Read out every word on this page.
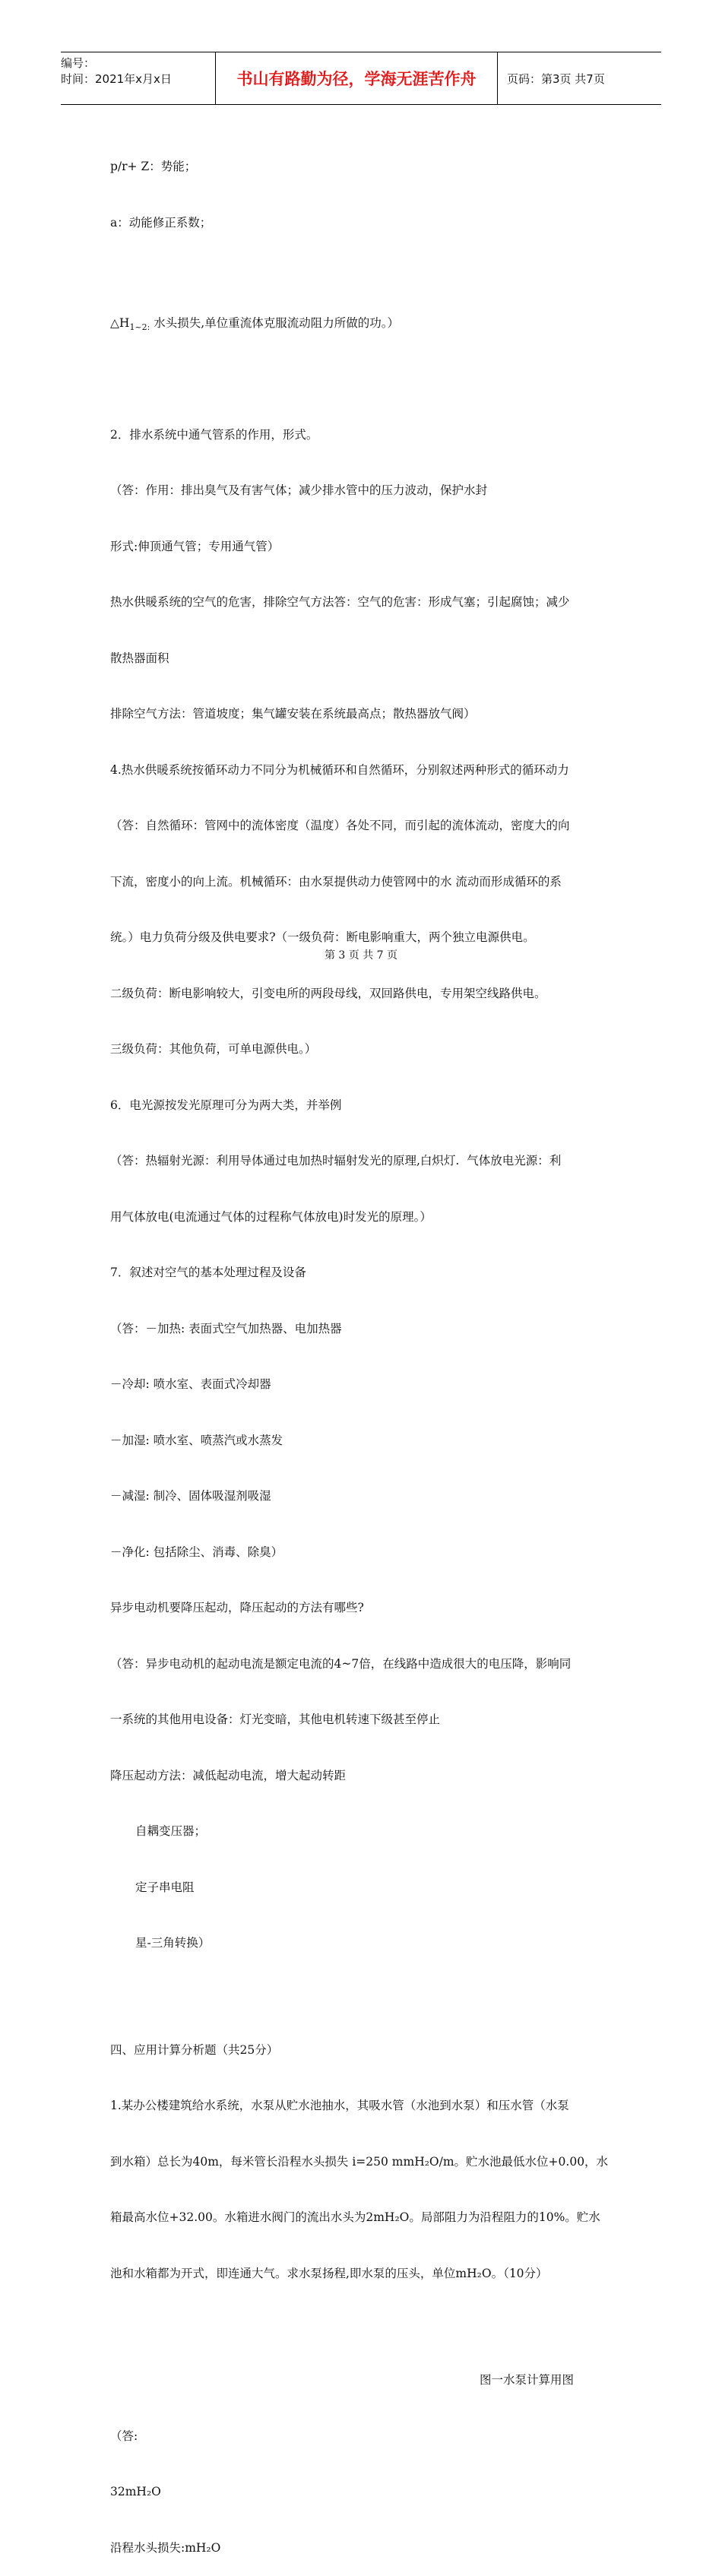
编号：
时间：2021年x月x日	书山有路勤为径，学海无涯苦作舟	页码：第3页 共7页

p/r+ Z：势能；

a：动能修正系数；

$\triangle H_{1\sim 2:}$ 水头损失,单位重流体克服流动阻力所做的功。）

2．排水系统中通气管系的作用，形式。

（答：作用：排出臭气及有害气体；减少排水管中的压力波动，保护水封

形式:伸顶通气管；专用通气管）

热水供暖系统的空气的危害，排除空气方法答：空气的危害：形成气塞；引起腐蚀；减少

散热器面积

排除空气方法：管道坡度；集气罐安装在系统最高点；散热器放气阀）

4.热水供暖系统按循环动力不同分为机械循环和自然循环，分别叙述两种形式的循环动力

（答：自然循环：管网中的流体密度（温度）各处不同，而引起的流体流动，密度大的向

下流，密度小的向上流。机械循环：由水泵提供动力使管网中的水 流动而形成循环的系

统。）电力负荷分级及供电要求?（一级负荷：断电影响重大，两个独立电源供电。

二级负荷：断电影响较大，引变电所的两段母线，双回路供电，专用架空线路供电。

三级负荷：其他负荷，可单电源供电。）

6．电光源按发光原理可分为两大类，并举例

（答：热辐射光源：利用导体通过电加热时辐射发光的原理,白炽灯.  气体放电光源：利

用气体放电(电流通过气体的过程称气体放电)时发光的原理。）

7．叙述对空气的基本处理过程及设备

（答：－加热: 表面式空气加热器、电加热器

－冷却: 喷水室、表面式冷却器

－加湿: 喷水室、喷蒸汽或水蒸发

－减湿: 制冷、固体吸湿剂吸湿

－净化: 包括除尘、消毒、除臭）

异步电动机要降压起动，降压起动的方法有哪些?

（答：异步电动机的起动电流是额定电流的4~7倍，在线路中造成很大的电压降，影响同

一系统的其他用电设备：灯光变暗，其他电机转速下级甚至停止

降压起动方法：减低起动电流，增大起动转距

自耦变压器；

定子串电阻

星-三角转换）

四、应用计算分析题（共25分）

1.某办公楼建筑给水系统，水泵从贮水池抽水，其吸水管（水池到水泵）和压水管（水泵

到水箱）总长为40m，每米管长沿程水头损失 i=250 mmH₂O/m。贮水池最低水位+0.00，水

箱最高水位+32.00。水箱进水阀门的流出水头为2mH₂O。局部阻力为沿程阻力的10%。贮水

池和水箱都为开式，即连通大气。求水泵扬程,即水泵的压头，单位mH₂O。（10分）

图一水泵计算用图

（答:

32mH₂O

沿程水头损失:mH₂O

第 3 页 共 7 页
